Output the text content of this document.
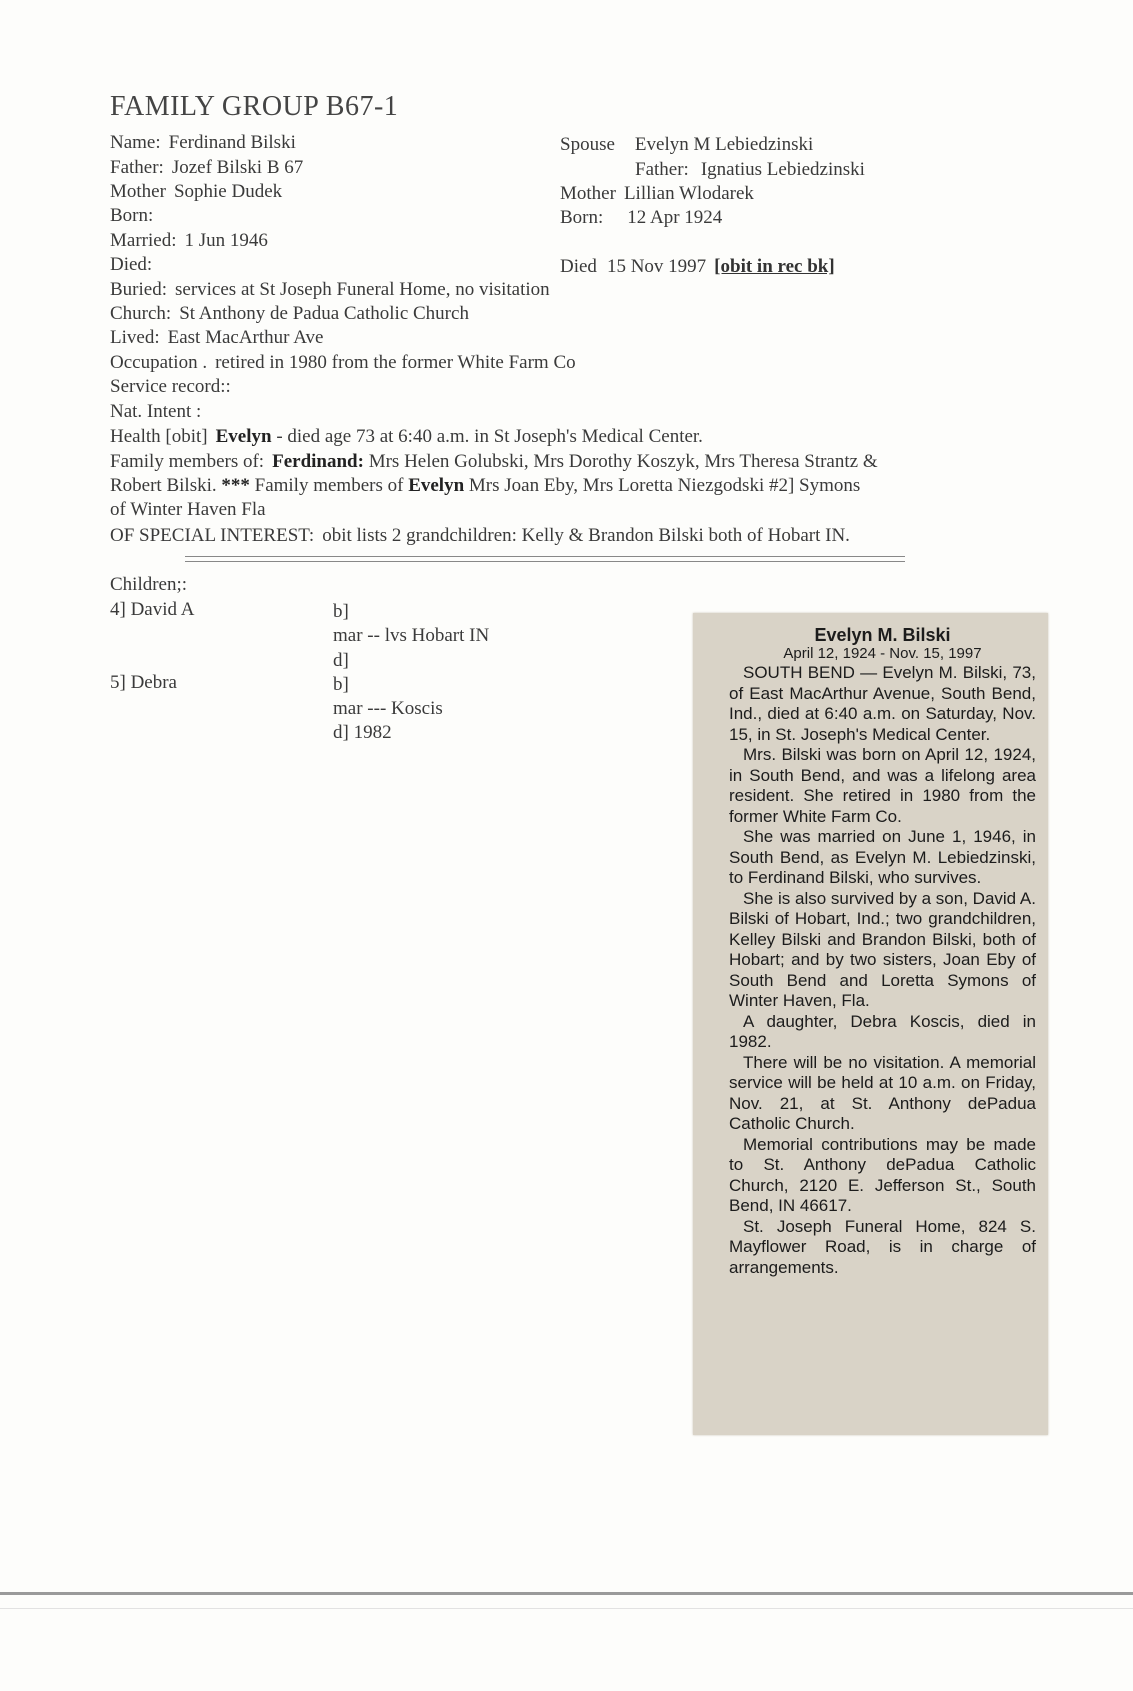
FAMILY GROUP B67-1
Name: Ferdinand Bilski
Father: Jozef Bilski B 67
Mother Sophie Dudek
Born:
Married: 1 Jun 1946
Died:
Spouse Evelyn M Lebiedzinski
Father: Ignatius Lebiedzinski
Mother Lillian Wlodarek
Born: 12 Apr 1924
Died 15 Nov 1997 [obit in rec bk]
Buried: services at St Joseph Funeral Home, no visitation
Church: St Anthony de Padua Catholic Church
Lived: East MacArthur Ave
Occupation . retired in 1980 from the former White Farm Co
Service record::
Nat. Intent :
Health [obit] Evelyn - died age 73 at 6:40 a.m. in St Joseph's Medical Center.
Family members of: Ferdinand: Mrs Helen Golubski, Mrs Dorothy Koszyk, Mrs Theresa Strantz &
Robert Bilski. *** Family members of Evelyn Mrs Joan Eby, Mrs Loretta Niezgodski #2] Symons
of Winter Haven Fla
OF SPECIAL INTEREST: obit lists 2 grandchildren: Kelly & Brandon Bilski both of Hobart IN.
Children;:
4] David A	b]
mar -- lvs Hobart IN
d]
5] Debra	b]
mar --- Koscis
d] 1982
Evelyn M. Bilski
April 12, 1924 - Nov. 15, 1997

SOUTH BEND — Evelyn M. Bilski, 73, of East MacArthur Avenue, South Bend, Ind., died at 6:40 a.m. on Saturday, Nov. 15, in St. Joseph's Medical Center.

Mrs. Bilski was born on April 12, 1924, in South Bend, and was a lifelong area resident. She retired in 1980 from the former White Farm Co.

She was married on June 1, 1946, in South Bend, as Evelyn M. Lebiedzinski, to Ferdinand Bilski, who survives.

She is also survived by a son, David A. Bilski of Hobart, Ind.; two grandchildren, Kelley Bilski and Brandon Bilski, both of Hobart; and by two sisters, Joan Eby of South Bend and Loretta Symons of Winter Haven, Fla.

A daughter, Debra Koscis, died in 1982.

There will be no visitation. A memorial service will be held at 10 a.m. on Friday, Nov. 21, at St. Anthony dePadua Catholic Church.

Memorial contributions may be made to St. Anthony dePadua Catholic Church, 2120 E. Jefferson St., South Bend, IN 46617.

St. Joseph Funeral Home, 824 S. Mayflower Road, is in charge of arrangements.
